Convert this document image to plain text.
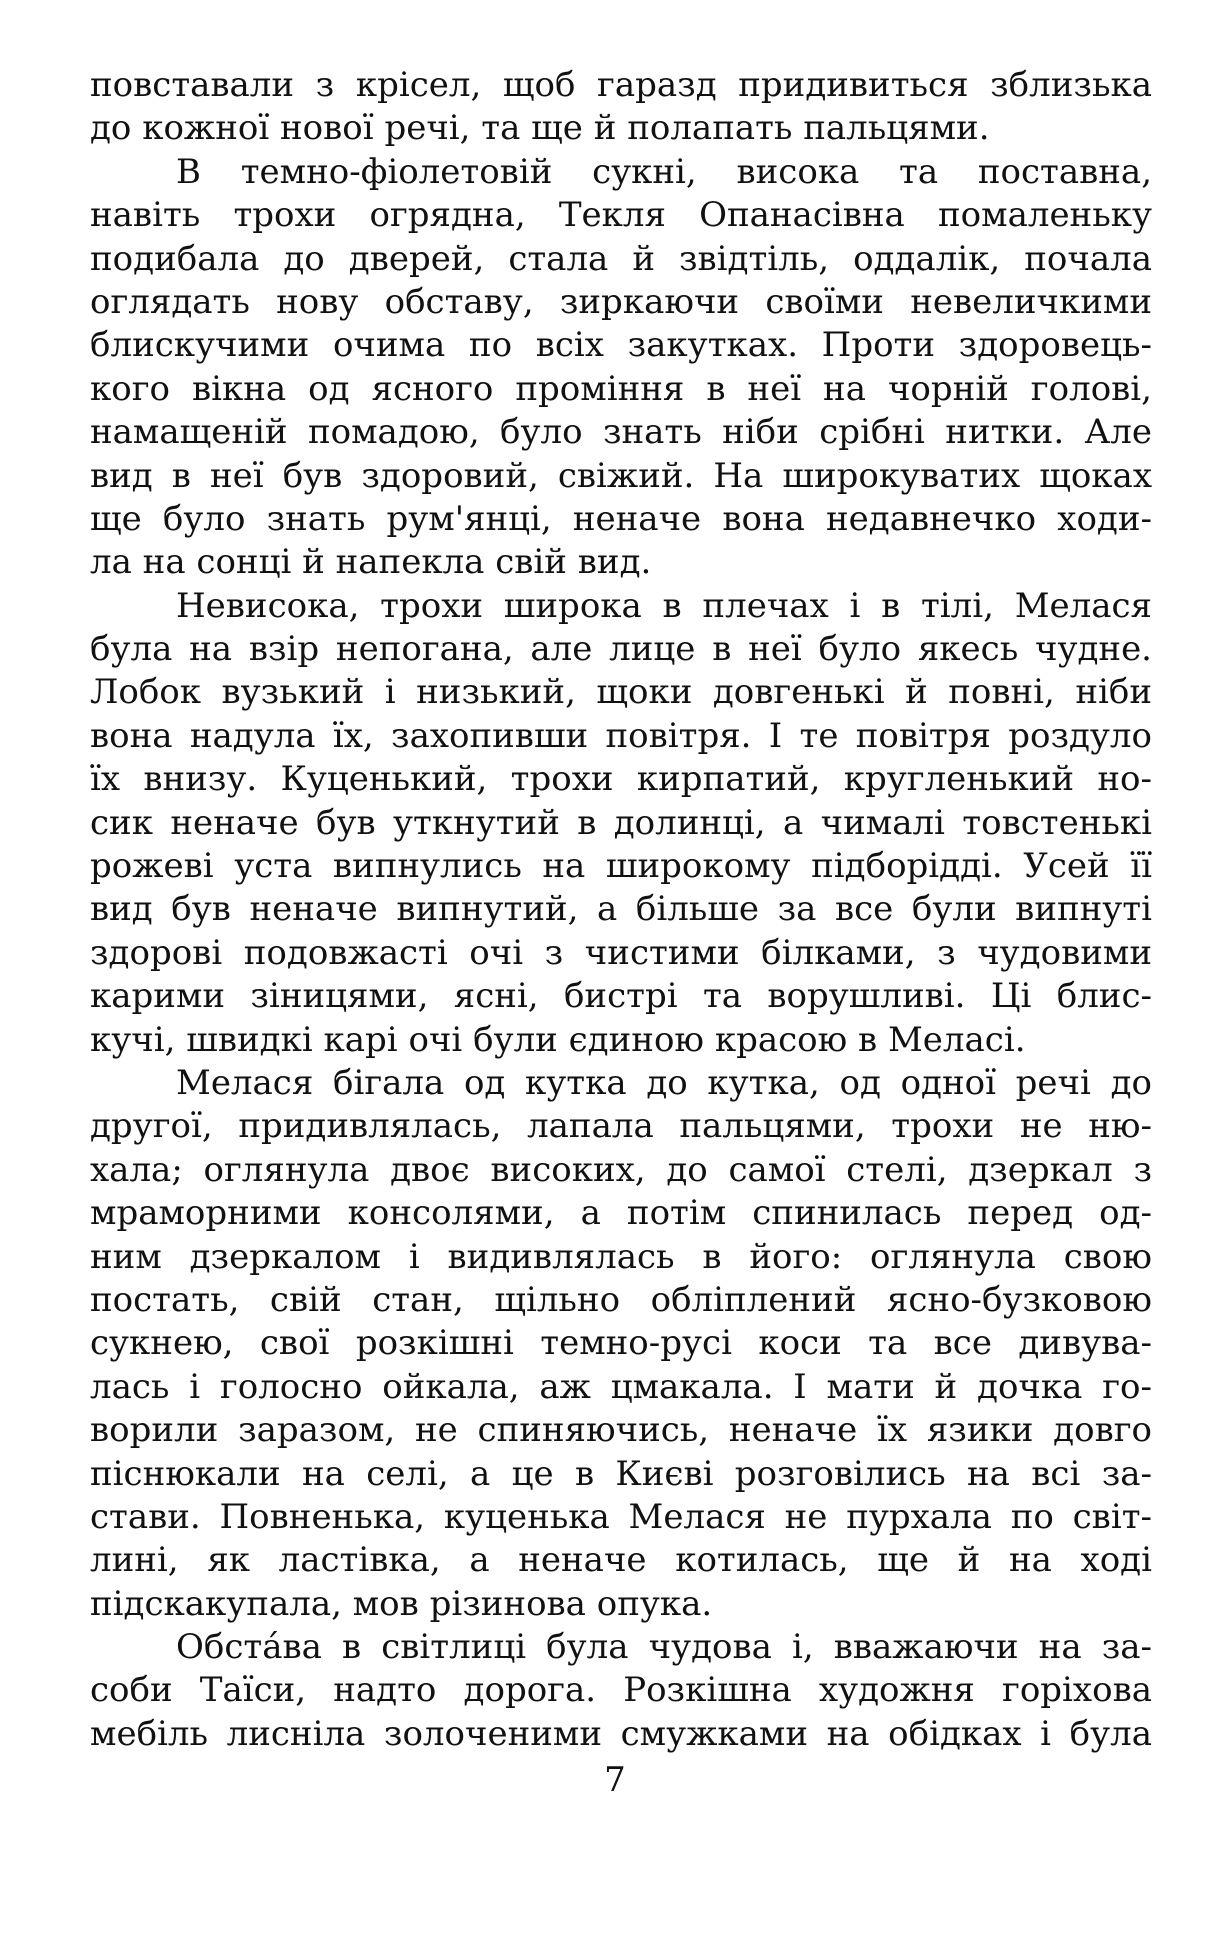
повставали з крісел, щоб гаразд придивиться зблизька
до кожної нової речі, та ще й полапать пальцями.
В темно-фіолетовій сукні, висока та поставна,
навіть трохи огрядна, Текля Опанасівна помаленьку
подибала до дверей, стала й звідтіль, оддалік, почала
оглядать нову обставу, зиркаючи своїми невеличкими
блискучими очима по всіх закутках. Проти здоровець-
кого вікна од ясного проміння в неї на чорній голові,
намащеній помадою, було знать ніби срібні нитки. Але
вид в неї був здоровий, свіжий. На широкуватих щоках
ще було знать рум'янці, неначе вона недавнечко ходи-
ла на сонці й напекла свій вид.
Невисока, трохи широка в плечах і в тілі, Мелася
була на взір непогана, але лице в неї було якесь чудне.
Лобок вузький і низький, щоки довгенькі й повні, ніби
вона надула їх, захопивши повітря. І те повітря роздуло
їх внизу. Куценький, трохи кирпатий, кругленький но-
сик неначе був уткнутий в долинці, а чималі товстенькі
рожеві уста випнулись на широкому підборідді. Усей її
вид був неначе випнутий, а більше за все були випнуті
здорові подовжасті очі з чистими білками, з чудовими
карими зіницями, ясні, бистрі та ворушливі. Ці блис-
кучі, швидкі карі очі були єдиною красою в Меласі.
Мелася бігала од кутка до кутка, од одної речі до
другої, придивлялась, лапала пальцями, трохи не ню-
хала; оглянула двоє високих, до самої стелі, дзеркал з
мраморними консолями, а потім спинилась перед од-
ним дзеркалом і видивлялась в його: оглянула свою
постать, свій стан, щільно обліплений ясно-бузковою
сукнею, свої розкішні темно-русі коси та все дивува-
лась і голосно ойкала, аж цмакала. І мати й дочка го-
ворили заразом, не спиняючись, неначе їх язики довго
піснюкали на селі, а це в Києві розговілись на всі за-
стави. Повненька, куценька Мелася не пурхала по світ-
лині, як ластівка, а неначе котилась, ще й на ході
підскакупала, мов різинова опука.
Обстáва в світлиці була чудова і, вважаючи на за-
соби Таїси, надто дорога. Розкішна художня горіхова
мебіль лисніла золоченими смужками на обідках і була
7
